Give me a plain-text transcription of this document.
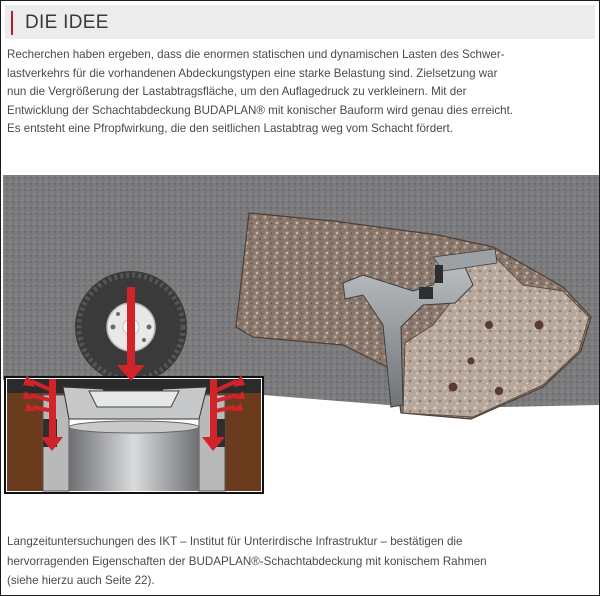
DIE IDEE

Recherchen haben ergeben, dass die enormen statischen und dynamischen Lasten des Schwer-

lastverkehrs für die vorhandenen Abdeckungstypen eine starke Belastung sind. Zielsetzung war

nun die Vergrößerung der Lastabtragsfläche, um den Auflagedruck zu verkleinern. Mit der

Entwicklung der Schachtabdeckung BUDAPLAN® mit konischer Bauform wird genau dies erreicht.

Es entsteht eine Pfropfwirkung, die den seitlichen Lastabtrag weg vom Schacht fördert.

Langzeituntersuchungen des IKT – Institut für Unterirdische Infrastruktur – bestätigen die

hervorragenden Eigenschaften der BUDAPLAN®-Schachtabdeckung mit konischem Rahmen

(siehe hierzu auch Seite 22).
